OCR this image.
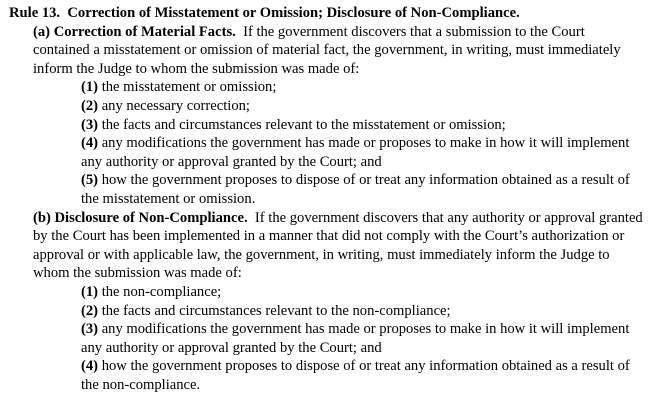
Rule 13. Correction of Misstatement or Omission; Disclosure of Non-Compliance.

(a) Correction of Material Facts. If the government discovers that a submission to the Court contained a misstatement or omission of material fact, the government, in writing, must immediately inform the Judge to whom the submission was made of:

(1) the misstatement or omission;
(2) any necessary correction;
(3) the facts and circumstances relevant to the misstatement or omission;
(4) any modifications the government has made or proposes to make in how it will implement any authority or approval granted by the Court; and
(5) how the government proposes to dispose of or treat any information obtained as a result of the misstatement or omission.

(b) Disclosure of Non-Compliance. If the government discovers that any authority or approval granted by the Court has been implemented in a manner that did not comply with the Court’s authorization or approval or with applicable law, the government, in writing, must immediately inform the Judge to whom the submission was made of:

(1) the non-compliance;
(2) the facts and circumstances relevant to the non-compliance;
(3) any modifications the government has made or proposes to make in how it will implement any authority or approval granted by the Court; and
(4) how the government proposes to dispose of or treat any information obtained as a result of the non-compliance.
